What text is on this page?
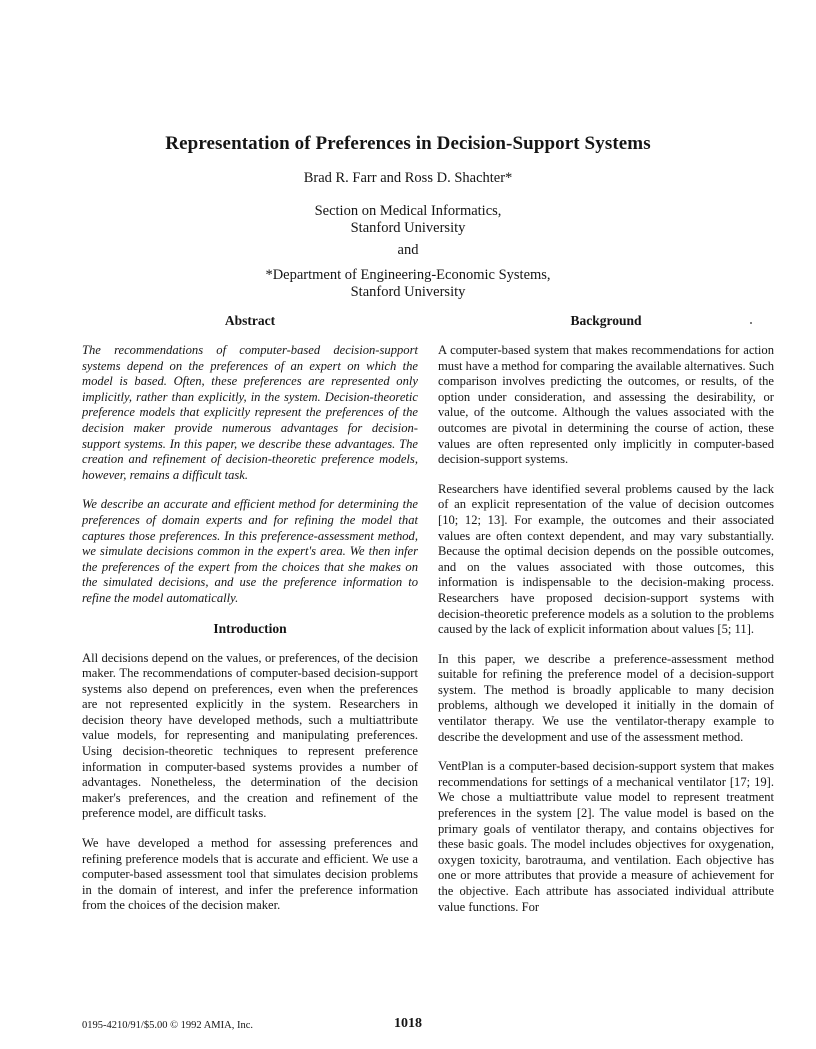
Representation of Preferences in Decision-Support Systems

Brad R. Farr and Ross D. Shachter*

Section on Medical Informatics,
Stanford University

and

*Department of Engineering-Economic Systems,
Stanford University

Abstract

The recommendations of computer-based decision-support systems depend on the preferences of an expert on which the model is based. Often, these preferences are represented only implicitly, rather than explicitly, in the system. Decision-theoretic preference models that explicitly represent the preferences of the decision maker provide numerous advantages for decision-support systems. In this paper, we describe these advantages. The creation and refinement of decision-theoretic preference models, however, remains a difficult task.

We describe an accurate and efficient method for determining the preferences of domain experts and for refining the model that captures those preferences. In this preference-assessment method, we simulate decisions common in the expert's area. We then infer the preferences of the expert from the choices that she makes on the simulated decisions, and use the preference information to refine the model automatically.

Introduction

All decisions depend on the values, or preferences, of the decision maker. The recommendations of computer-based decision-support systems also depend on preferences, even when the preferences are not represented explicitly in the system. Researchers in decision theory have developed methods, such a multiattribute value models, for representing and manipulating preferences. Using decision-theoretic techniques to represent preference information in computer-based systems provides a number of advantages. Nonetheless, the determination of the decision maker's preferences, and the creation and refinement of the preference model, are difficult tasks.

We have developed a method for assessing preferences and refining preference models that is accurate and efficient. We use a computer-based assessment tool that simulates decision problems in the domain of interest, and infer the preference information from the choices of the decision maker.

Background

A computer-based system that makes recommendations for action must have a method for comparing the available alternatives. Such comparison involves predicting the outcomes, or results, of the option under consideration, and assessing the desirability, or value, of the outcome. Although the values associated with the outcomes are pivotal in determining the course of action, these values are often represented only implicitly in computer-based decision-support systems.

Researchers have identified several problems caused by the lack of an explicit representation of the value of decision outcomes [10; 12; 13]. For example, the outcomes and their associated values are often context dependent, and may vary substantially. Because the optimal decision depends on the possible outcomes, and on the values associated with those outcomes, this information is indispensable to the decision-making process. Researchers have proposed decision-support systems with decision-theoretic preference models as a solution to the problems caused by the lack of explicit information about values [5; 11].

In this paper, we describe a preference-assessment method suitable for refining the preference model of a decision-support system. The method is broadly applicable to many decision problems, although we developed it initially in the domain of ventilator therapy. We use the ventilator-therapy example to describe the development and use of the assessment method.

VentPlan is a computer-based decision-support system that makes recommendations for settings of a mechanical ventilator [17; 19]. We chose a multiattribute value model to represent treatment preferences in the system [2]. The value model is based on the primary goals of ventilator therapy, and contains objectives for these basic goals. The model includes objectives for oxygenation, oxygen toxicity, barotrauma, and ventilation. Each objective has one or more attributes that provide a measure of achievement for the objective. Each attribute has associated individual attribute value functions. For

0195-4210/91/$5.00 © 1992 AMIA, Inc.	1018
